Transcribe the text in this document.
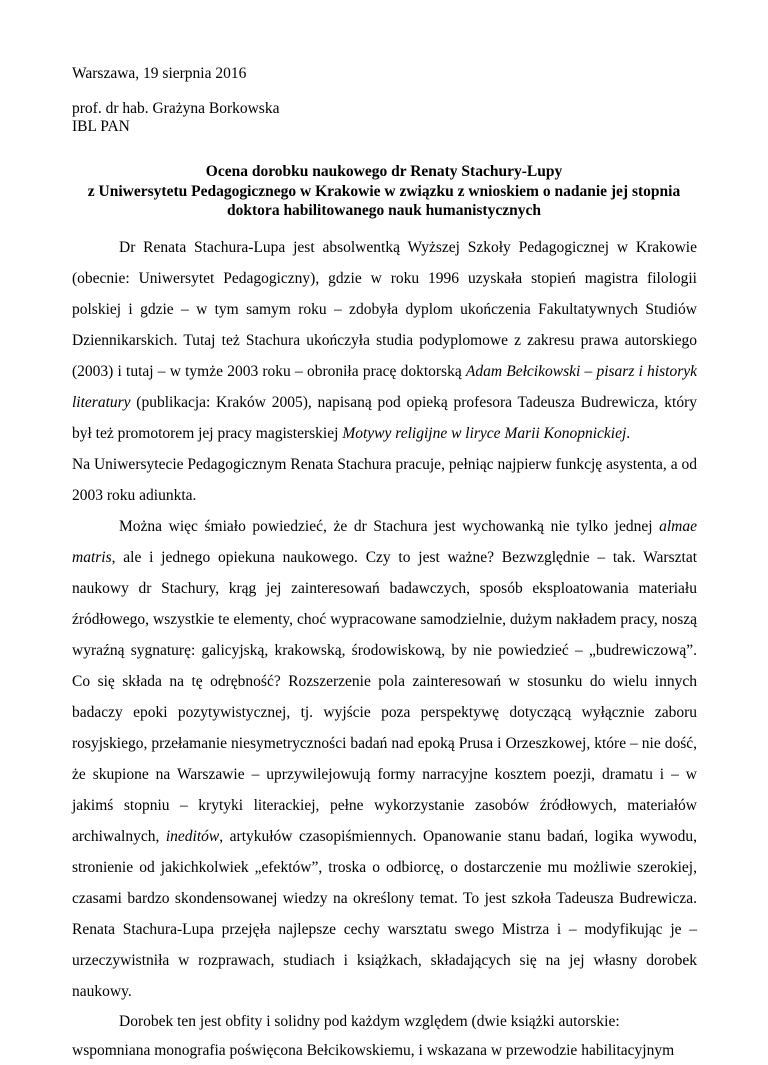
Warszawa, 19 sierpnia 2016
prof. dr hab. Grażyna Borkowska
IBL PAN
Ocena dorobku naukowego dr Renaty Stachury-Lupy
z Uniwersytetu Pedagogicznego w Krakowie w związku z wnioskiem o nadanie jej stopnia
doktora habilitowanego nauk humanistycznych

Dr Renata Stachura-Lupa jest absolwentką Wyższej Szkoły Pedagogicznej w Krakowie (obecnie: Uniwersytet Pedagogiczny), gdzie w roku 1996 uzyskała stopień magistra filologii polskiej i gdzie – w tym samym roku – zdobyła dyplom ukończenia Fakultatywnych Studiów Dziennikarskich. Tutaj też Stachura ukończyła studia podyplomowe z zakresu prawa autorskiego (2003) i tutaj – w tymże 2003 roku – obroniła pracę doktorską Adam Bełcikowski – pisarz i historyk literatury (publikacja: Kraków 2005), napisaną pod opieką profesora Tadeusza Budrewicza, który był też promotorem jej pracy magisterskiej Motywy religijne w liryce Marii Konopnickiej.

Na Uniwersytecie Pedagogicznym Renata Stachura pracuje, pełniąc najpierw funkcję asystenta, a od 2003 roku adiunkta.

Można więc śmiało powiedzieć, że dr Stachura jest wychowanką nie tylko jednej almae matris, ale i jednego opiekuna naukowego. Czy to jest ważne? Bezwzględnie – tak. Warsztat naukowy dr Stachury, krąg jej zainteresowań badawczych, sposób eksploatowania materiału źródłowego, wszystkie te elementy, choć wypracowane samodzielnie, dużym nakładem pracy, noszą wyraźną sygnaturę: galicyjską, krakowską, środowiskową, by nie powiedzieć – „budrewiczową”. Co się składa na tę odrębność? Rozszerzenie pola zainteresowań w stosunku do wielu innych badaczy epoki pozytywistycznej, tj. wyjście poza perspektywę dotyczącą wyłącznie zaboru rosyjskiego, przełamanie niesymetryczności badań nad epoką Prusa i Orzeszkowej, które – nie dość, że skupione na Warszawie – uprzywilejowują formy narracyjne kosztem poezji, dramatu i – w jakimś stopniu – krytyki literackiej, pełne wykorzystanie zasobów źródłowych, materiałów archiwalnych, ineditów, artykułów czasopiśmiennych. Opanowanie stanu badań, logika wywodu, stronienie od jakichkolwiek „efektów”, troska o odbiorcę, o dostarczenie mu możliwie szerokiej, czasami bardzo skondensowanej wiedzy na określony temat. To jest szkoła Tadeusza Budrewicza. Renata Stachura-Lupa przejęła najlepsze cechy warsztatu swego Mistrza i – modyfikując je – urzeczywistniła w rozprawach, studiach i książkach, składających się na jej własny dorobek naukowy.

Dorobek ten jest obfity i solidny pod każdym względem (dwie książki autorskie:
wspomniana monografia poświęcona Bełcikowskiemu, i wskazana w przewodzie habilitacyjnym
